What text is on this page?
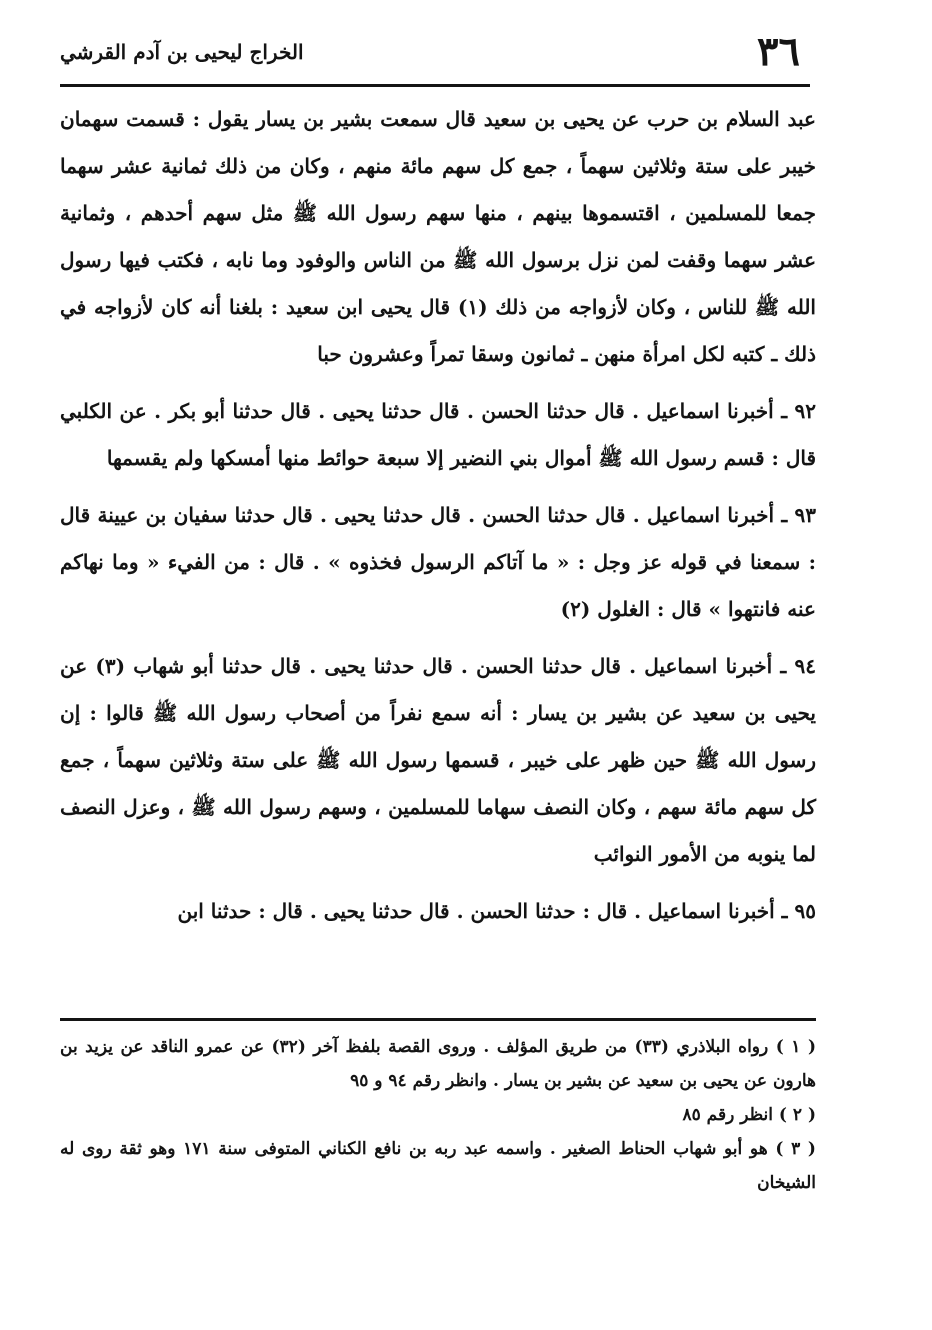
٣٦
الخراج ليحيى بن آدم القرشي

عبد السلام بن حرب عن يحيى بن سعيد قال سمعت بشير بن يسار يقول : قسمت سهمان خيبر على ستة وثلاثين سهماً ، جمع كل سهم مائة منهم ، وكان من ذلك ثمانية عشر سهما جمعا للمسلمين ، اقتسموها بينهم ، منها سهم رسول الله ﷺ مثل سهم أحدهم ، وثمانية عشر سهما وقفت لمن نزل برسول الله ﷺ من الناس والوفود وما نابه ، فكتب فيها رسول الله ﷺ للناس ، وكان لأزواجه من ذلك (١) قال يحيى ابن سعيد : بلغنا أنه كان لأزواجه في ذلك ـ كتبه لكل امرأة منهن ـ ثمانون وسقا تمراً وعشرون حبا

٩٢ ـ أخبرنا اسماعيل . قال حدثنا الحسن . قال حدثنا يحيى . قال حدثنا أبو بكر . عن الكلبي قال : قسم رسول الله ﷺ أموال بني النضير إلا سبعة حوائط منها أمسكها ولم يقسمها

٩٣ ـ أخبرنا اسماعيل . قال حدثنا الحسن . قال حدثنا يحيى . قال حدثنا سفيان بن عيينة قال : سمعنا في قوله عز وجل : « ما آتاكم الرسول فخذوه » . قال : من الفيء « وما نهاكم عنه فانتهوا » قال : الغلول (٢)

٩٤ ـ أخبرنا اسماعيل . قال حدثنا الحسن . قال حدثنا يحيى . قال حدثنا أبو شهاب (٣) عن يحيى بن سعيد عن بشير بن يسار : أنه سمع نفراً من أصحاب رسول الله ﷺ قالوا : إن رسول الله ﷺ حين ظهر على خيبر ، قسمها رسول الله ﷺ على ستة وثلاثين سهماً ، جمع كل سهم مائة سهم ، وكان النصف سهاما للمسلمين ، وسهم رسول الله ﷺ ، وعزل النصف لما ينوبه من الأمور النوائب

٩٥ ـ أخبرنا اسماعيل . قال : حدثنا الحسن . قال حدثنا يحيى . قال : حدثنا ابن

( ١ ) رواه البلاذري (٣٣) من طريق المؤلف . وروى القصة بلفظ آخر (٣٢) عن عمرو الناقد عن يزيد بن هارون عن يحيى بن سعيد عن بشير بن يسار . وانظر رقم ٩٤ و ٩٥

( ٢ ) انظر رقم ٨٥

( ٣ ) هو أبو شهاب الحناط الصغير . واسمه عبد ربه بن نافع الكناني المتوفى سنة ١٧١ وهو ثقة روى له الشيخان
